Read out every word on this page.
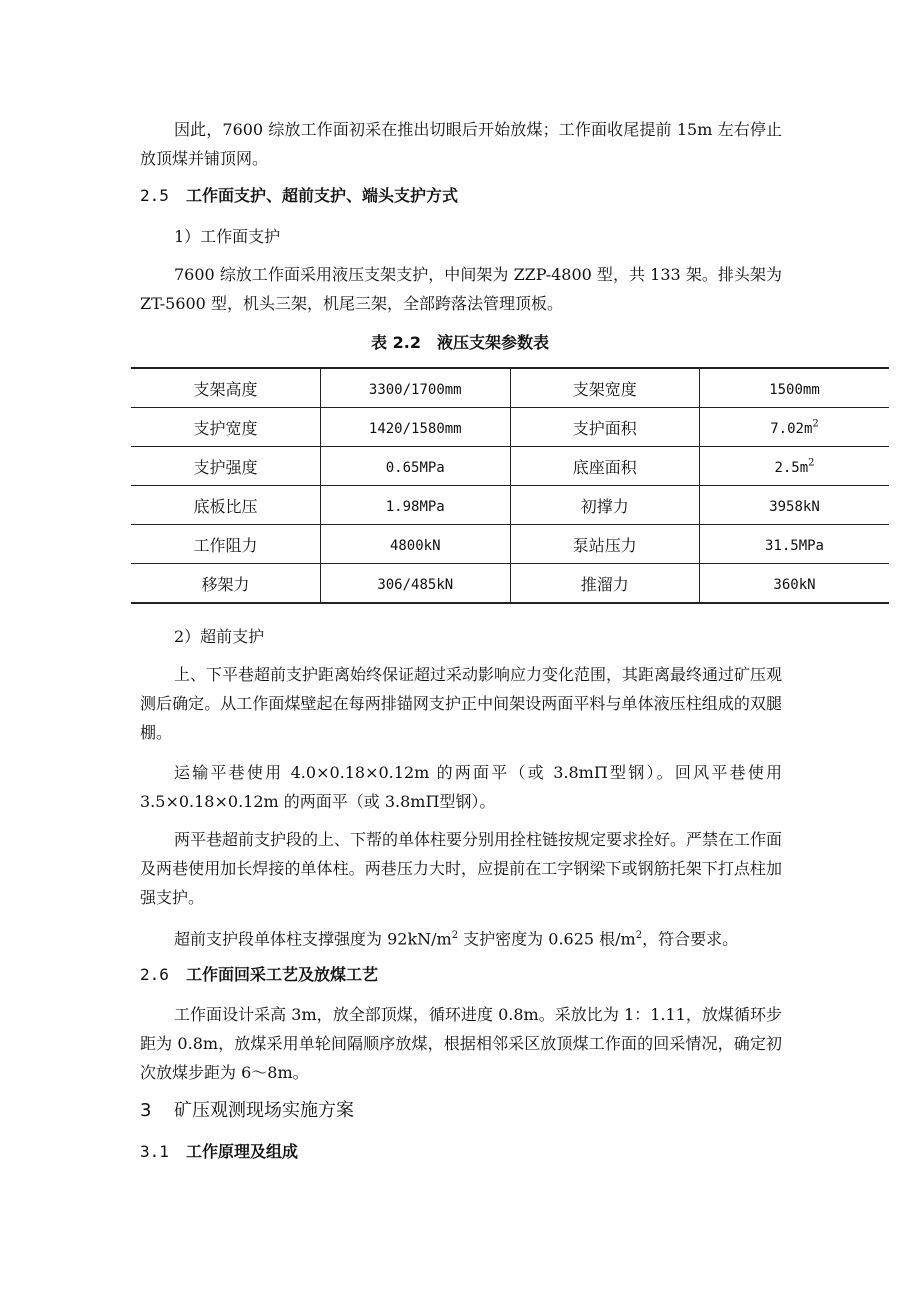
因此，7600 综放工作面初采在推出切眼后开始放煤；工作面收尾提前 15m 左右停止放顶煤并铺顶网。

2.5 工作面支护、超前支护、端头支护方式

1）工作面支护

7600 综放工作面采用液压支架支护，中间架为 ZZP-4800 型，共 133 架。排头架为 ZT-5600 型，机头三架，机尾三架，全部跨落法管理顶板。

表 2.2　液压支架参数表

支架高度	3300/1700mm	支架宽度	1500mm
支护宽度	1420/1580mm	支护面积	$7.02m^2$
支护强度	0.65MPa	底座面积	$2.5m^2$
底板比压	1.98MPa	初撑力	3958kN
工作阻力	4800kN	泵站压力	31.5MPa
移架力	306/485kN	推溜力	360kN

2）超前支护

上、下平巷超前支护距离始终保证超过采动影响应力变化范围，其距离最终通过矿压观测后确定。从工作面煤壁起在每两排锚网支护正中间架设两面平料与单体液压柱组成的双腿棚。

运输平巷使用 4.0×0.18×0.12m 的两面平（或 3.8mΠ型钢）。回风平巷使用 3.5×0.18×0.12m 的两面平（或 3.8mΠ型钢）。

两平巷超前支护段的上、下帮的单体柱要分别用拴柱链按规定要求拴好。严禁在工作面及两巷使用加长焊接的单体柱。两巷压力大时，应提前在工字钢梁下或钢筋托架下打点柱加强支护。

超前支护段单体柱支撑强度为 $92kN/m^2$ 支护密度为 0.625 根$/m^2$，符合要求。

2.6 工作面回采工艺及放煤工艺

工作面设计采高 3m，放全部顶煤，循环进度 0.8m。采放比为 1：1.11，放煤循环步距为 0.8m，放煤采用单轮间隔顺序放煤，根据相邻采区放顶煤工作面的回采情况，确定初次放煤步距为 6～8m。

3 矿压观测现场实施方案

3.1 工作原理及组成
